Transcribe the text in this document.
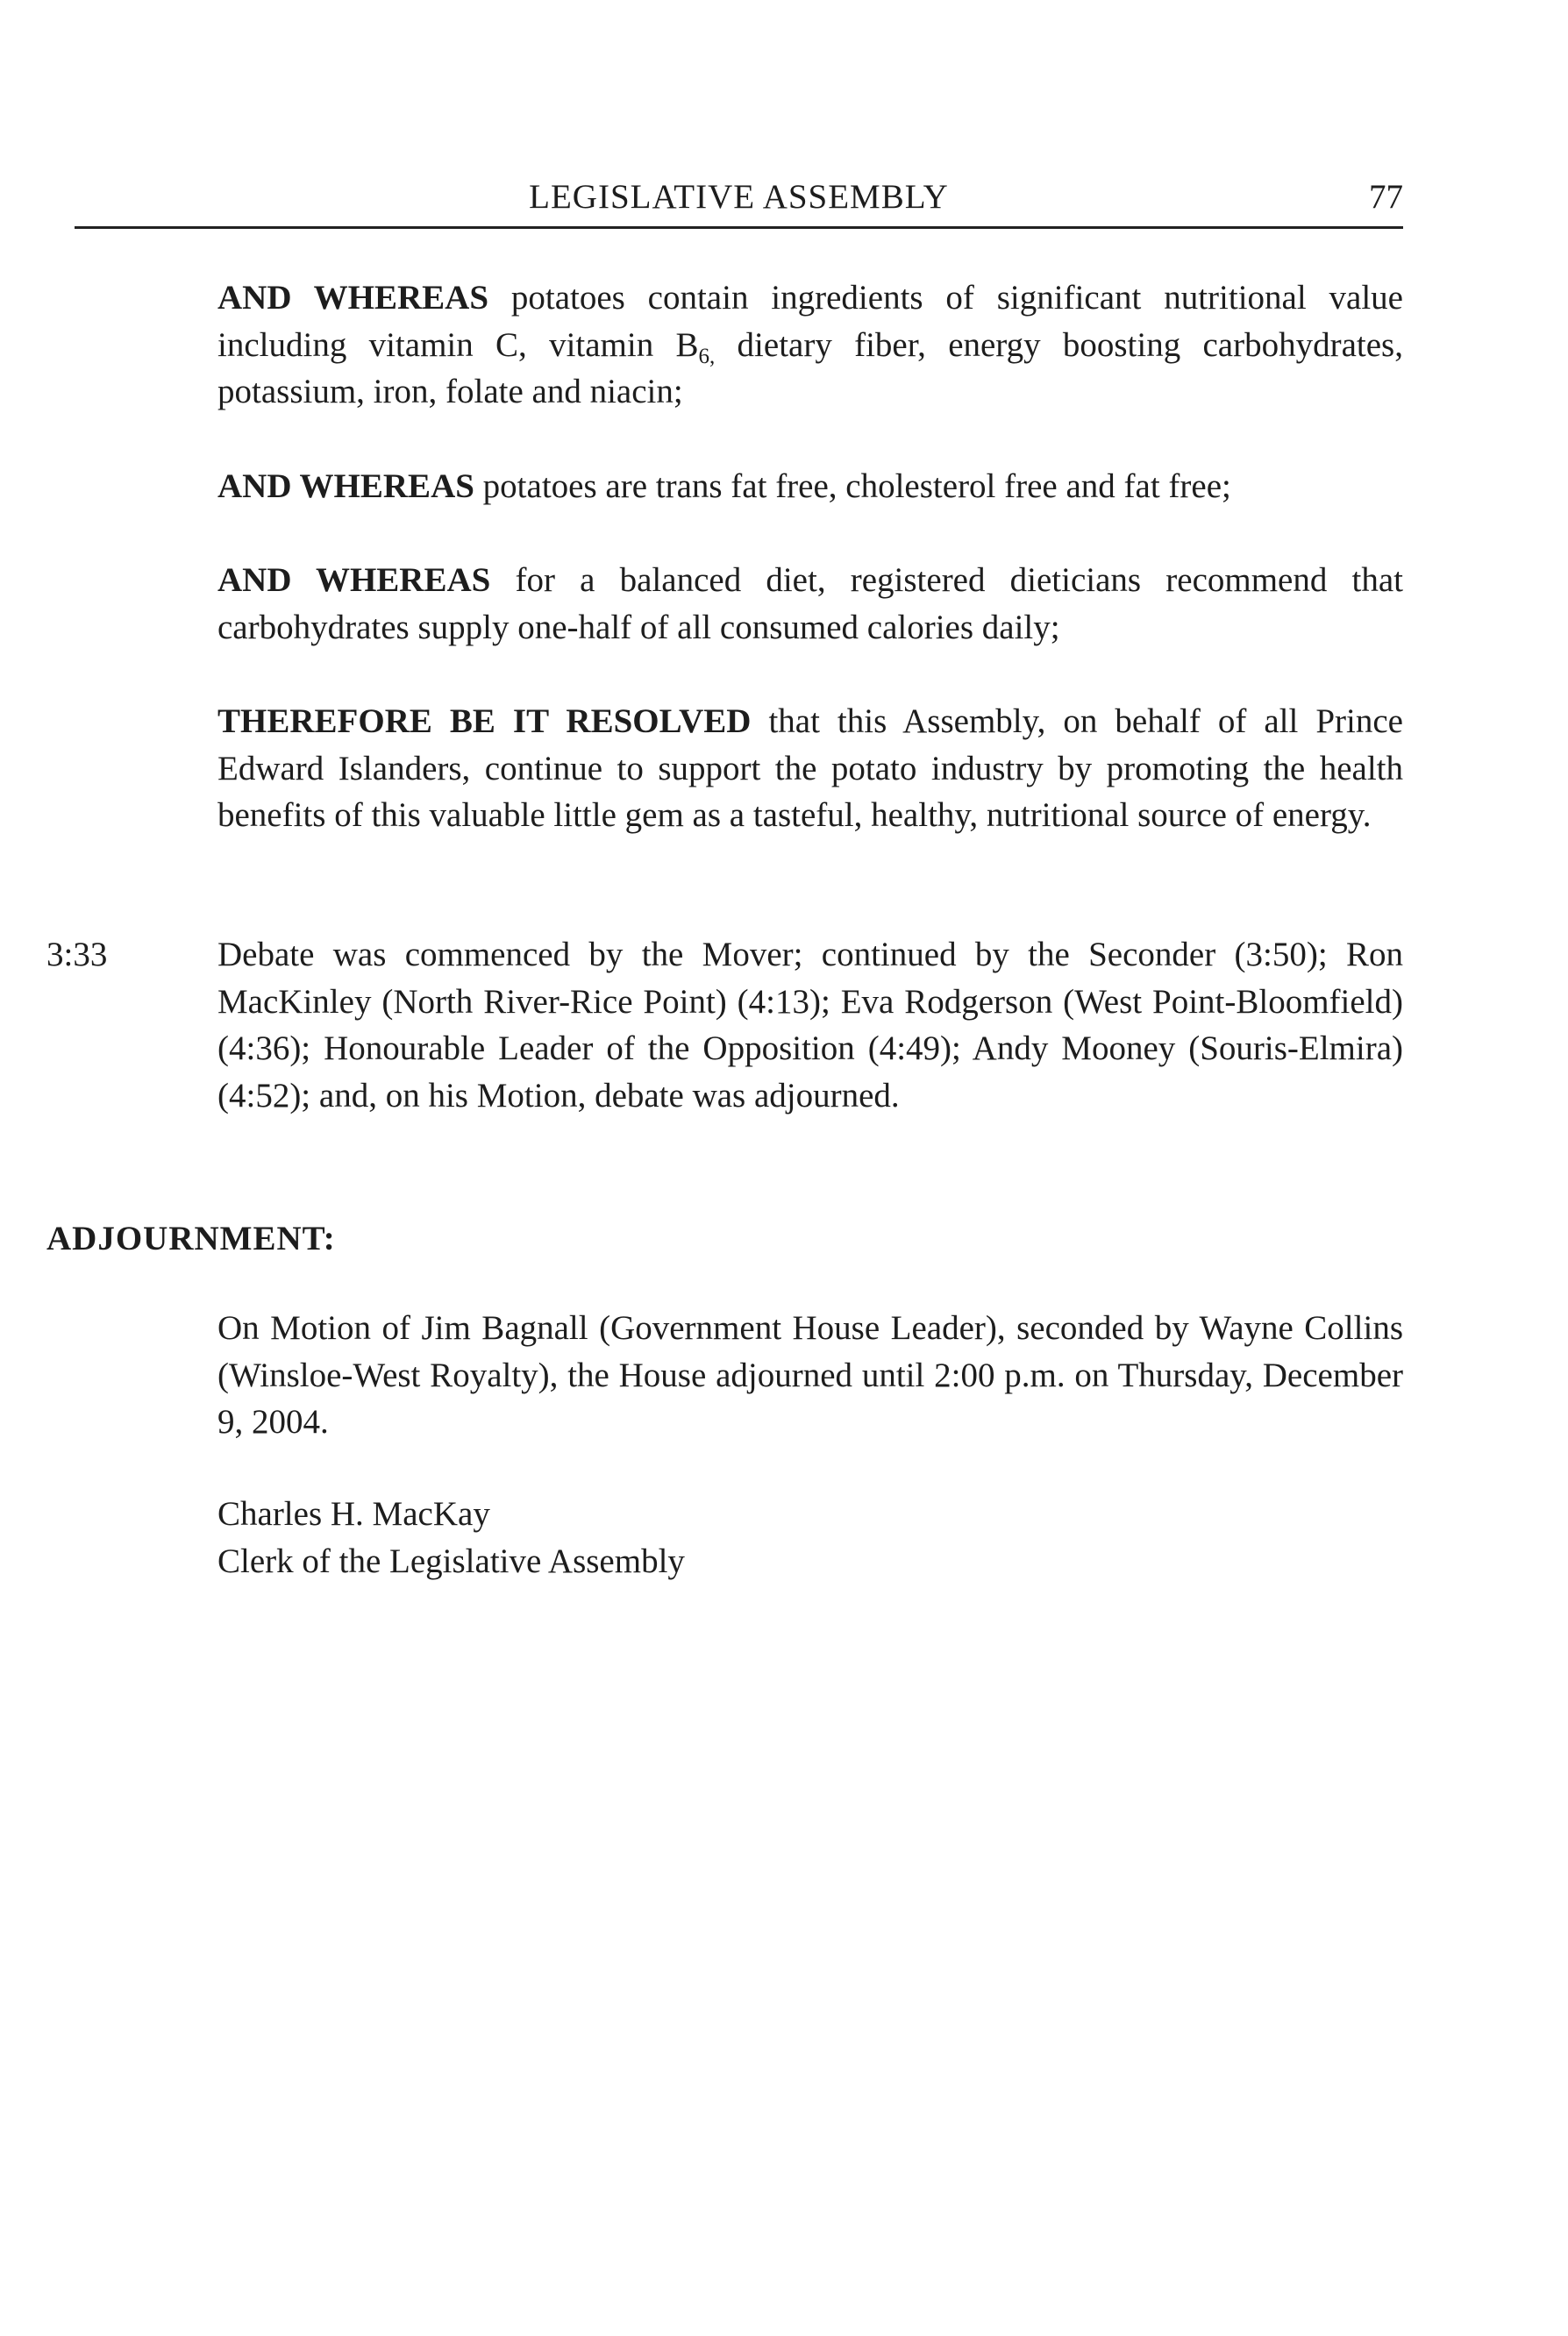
LEGISLATIVE ASSEMBLY	77

AND WHEREAS potatoes contain ingredients of significant nutritional value including vitamin C, vitamin $B_{6,}$ dietary fiber, energy boosting carbohydrates, potassium, iron, folate and niacin;

AND WHEREAS potatoes are trans fat free, cholesterol free and fat free;

AND WHEREAS for a balanced diet, registered dieticians recommend that carbohydrates supply one-half of all consumed calories daily;

THEREFORE BE IT RESOLVED that this Assembly, on behalf of all Prince Edward Islanders, continue to support the potato industry by promoting the health benefits of this valuable little gem as a tasteful, healthy, nutritional source of energy.

3:33	Debate was commenced by the Mover; continued by the Seconder (3:50); Ron MacKinley (North River-Rice Point) (4:13); Eva Rodgerson (West Point-Bloomfield) (4:36); Honourable Leader of the Opposition (4:49); Andy Mooney (Souris-Elmira) (4:52); and, on his Motion, debate was adjourned.

ADJOURNMENT:

On Motion of Jim Bagnall (Government House Leader), seconded by Wayne Collins (Winsloe-West Royalty), the House adjourned until 2:00 p.m. on Thursday, December 9, 2004.

Charles H. MacKay
Clerk of the Legislative Assembly
